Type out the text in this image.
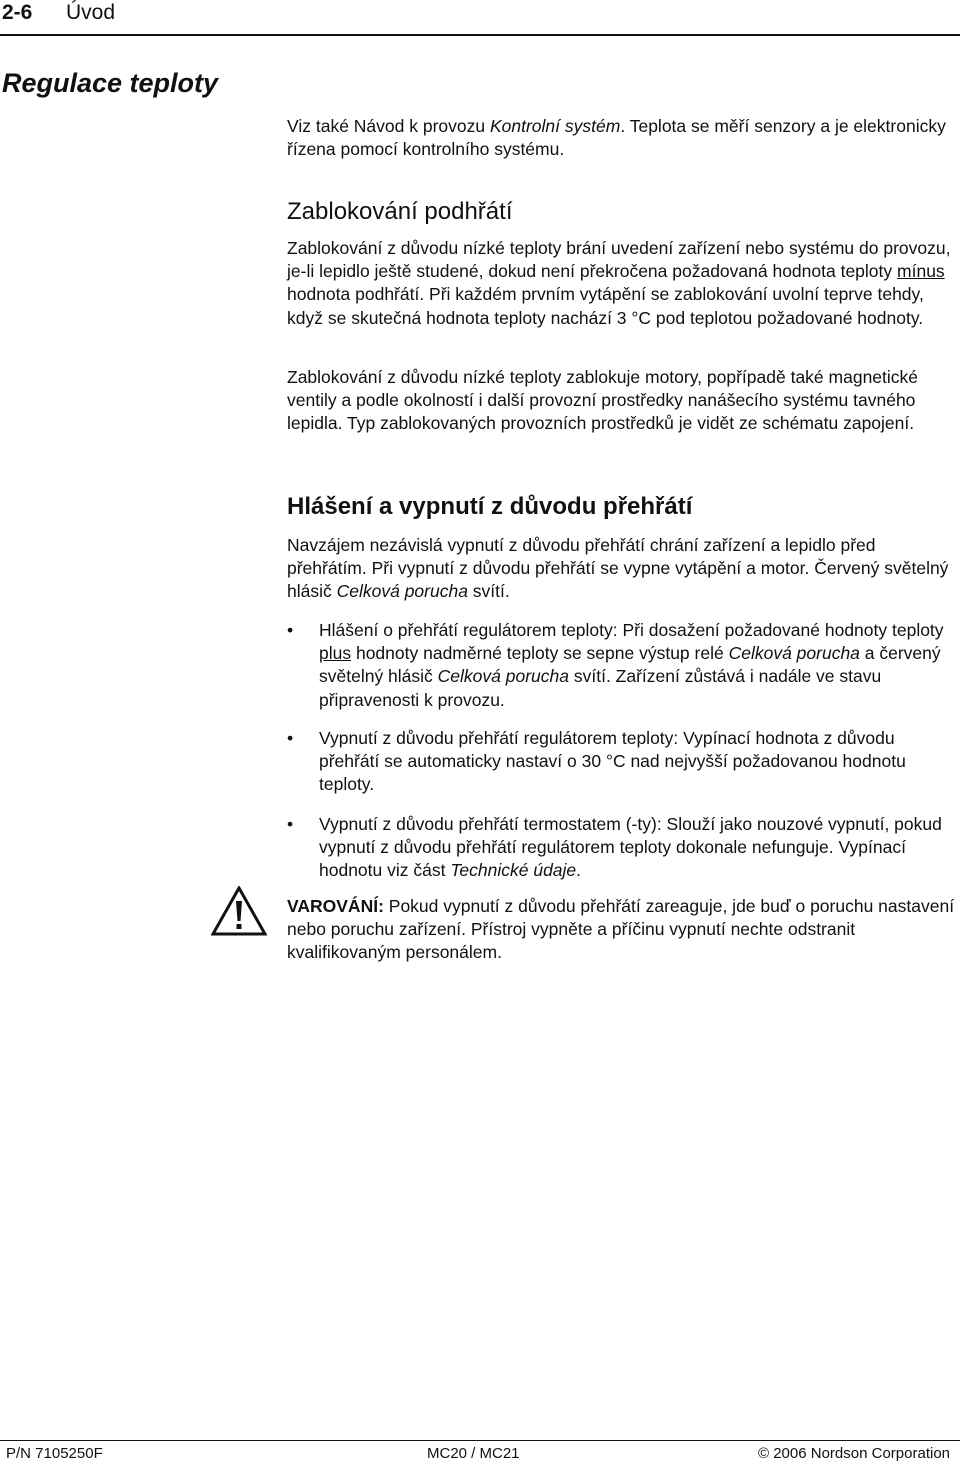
2-6 Úvod
Regulace teploty
Viz také Návod k provozu Kontrolní systém. Teplota se měří senzory a je elektronicky řízena pomocí kontrolního systému.
Zablokování podhřátí
Zablokování z důvodu nízké teploty brání uvedení zařízení nebo systému do provozu, je-li lepidlo ještě studené, dokud není překročena požadovaná hodnota teploty mínus hodnota podhřátí. Při každém prvním vytápění se zablokování uvolní teprve tehdy, když se skutečná hodnota teploty nachází 3 °C pod teplotou požadované hodnoty.
Zablokování z důvodu nízké teploty zablokuje motory, popřípadě také magnetické ventily a podle okolností i další provozní prostředky nanášecího systému tavného lepidla. Typ zablokovaných provozních prostředků je vidět ze schématu zapojení.
Hlášení a vypnutí z důvodu přehřátí
Navzájem nezávislá vypnutí z důvodu přehřátí chrání zařízení a lepidlo před přehřátím. Při vypnutí z důvodu přehřátí se vypne vytápění a motor. Červený světelný hlásič Celková porucha svítí.
• Hlášení o přehřátí regulátorem teploty: Při dosažení požadované hodnoty teploty plus hodnoty nadměrné teploty se sepne výstup relé Celková porucha a červený světelný hlásič Celková porucha svítí. Zařízení zůstává i nadále ve stavu připravenosti k provozu.
• Vypnutí z důvodu přehřátí regulátorem teploty: Vypínací hodnota z důvodu přehřátí se automaticky nastaví o 30 °C nad nejvyšší požadovanou hodnotu teploty.
• Vypnutí z důvodu přehřátí termostatem (-ty): Slouží jako nouzové vypnutí, pokud vypnutí z důvodu přehřátí regulátorem teploty dokonale nefunguje. Vypínací hodnotu viz část Technické údaje.
VAROVÁNÍ: Pokud vypnutí z důvodu přehřátí zareaguje, jde buď o poruchu nastavení nebo poruchu zařízení. Přístroj vypněte a příčinu vypnutí nechte odstranit kvalifikovaným personálem.
P/N 7105250F	MC20 / MC21	© 2006 Nordson Corporation
